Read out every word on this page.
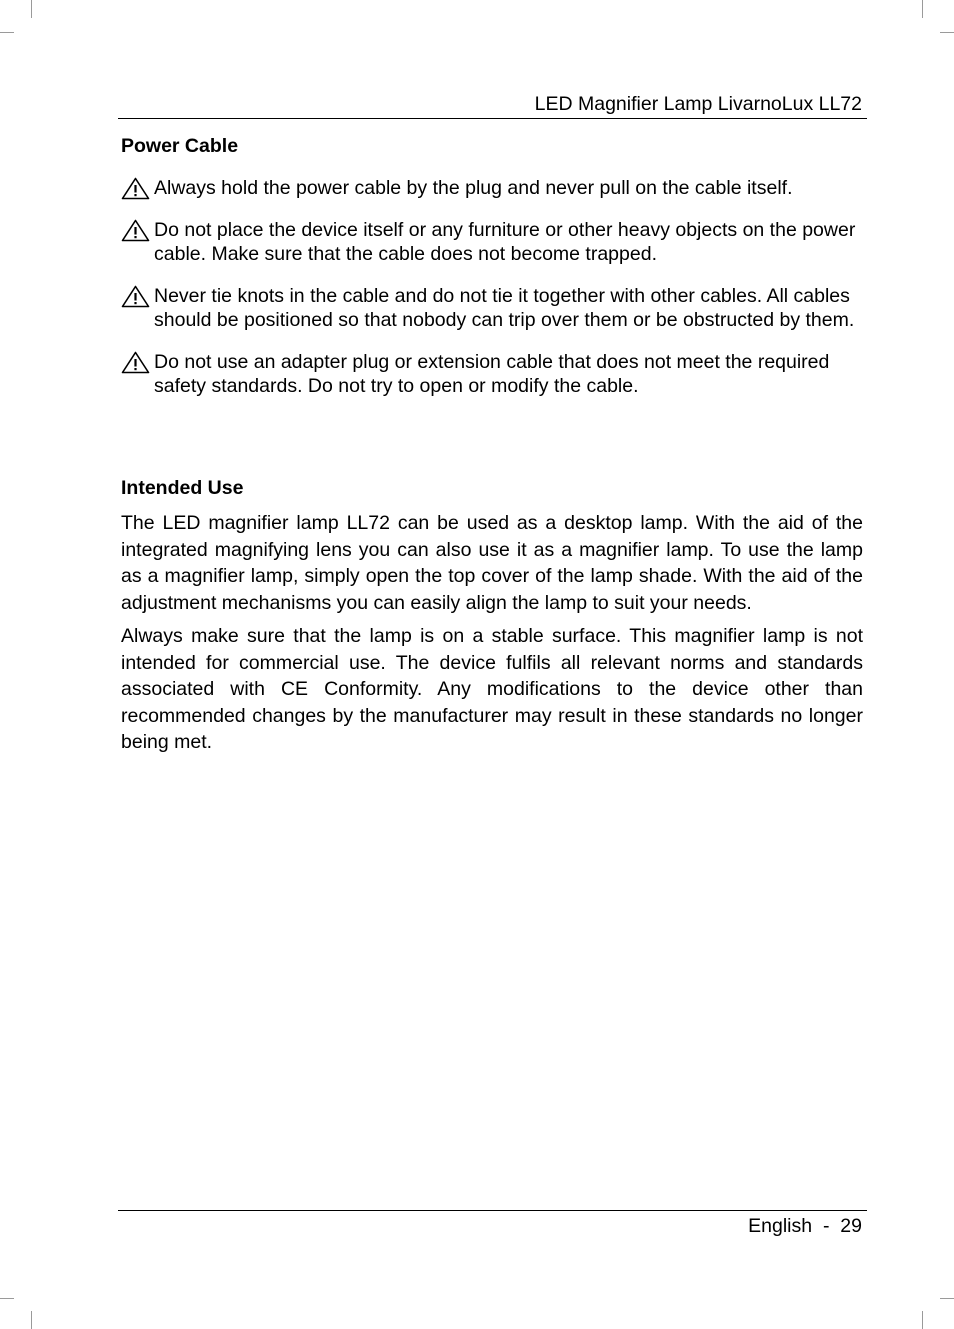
LED Magnifier Lamp LivarnoLux LL72
Power Cable
Always hold the power cable by the plug and never pull on the cable itself.
Do not place the device itself or any furniture or other heavy objects on the power cable. Make sure that the cable does not become trapped.
Never tie knots in the cable and do not tie it together with other cables. All cables should be positioned so that nobody can trip over them or be obstructed by them.
Do not use an adapter plug or extension cable that does not meet the required safety standards. Do not try to open or modify the cable.
Intended Use

The LED magnifier lamp LL72 can be used as a desktop lamp. With the aid of the integrated magnifying lens you can also use it as a magnifier lamp. To use the lamp as a magnifier lamp, simply open the top cover of the lamp shade. With the aid of the adjustment mechanisms you can easily align the lamp to suit your needs.

Always make sure that the lamp is on a stable surface. This magnifier lamp is not intended for commercial use. The device fulfils all relevant norms and standards associated with CE Conformity. Any modifications to the device other than recommended changes by the manufacturer may result in these standards no longer being met.

English - 29
